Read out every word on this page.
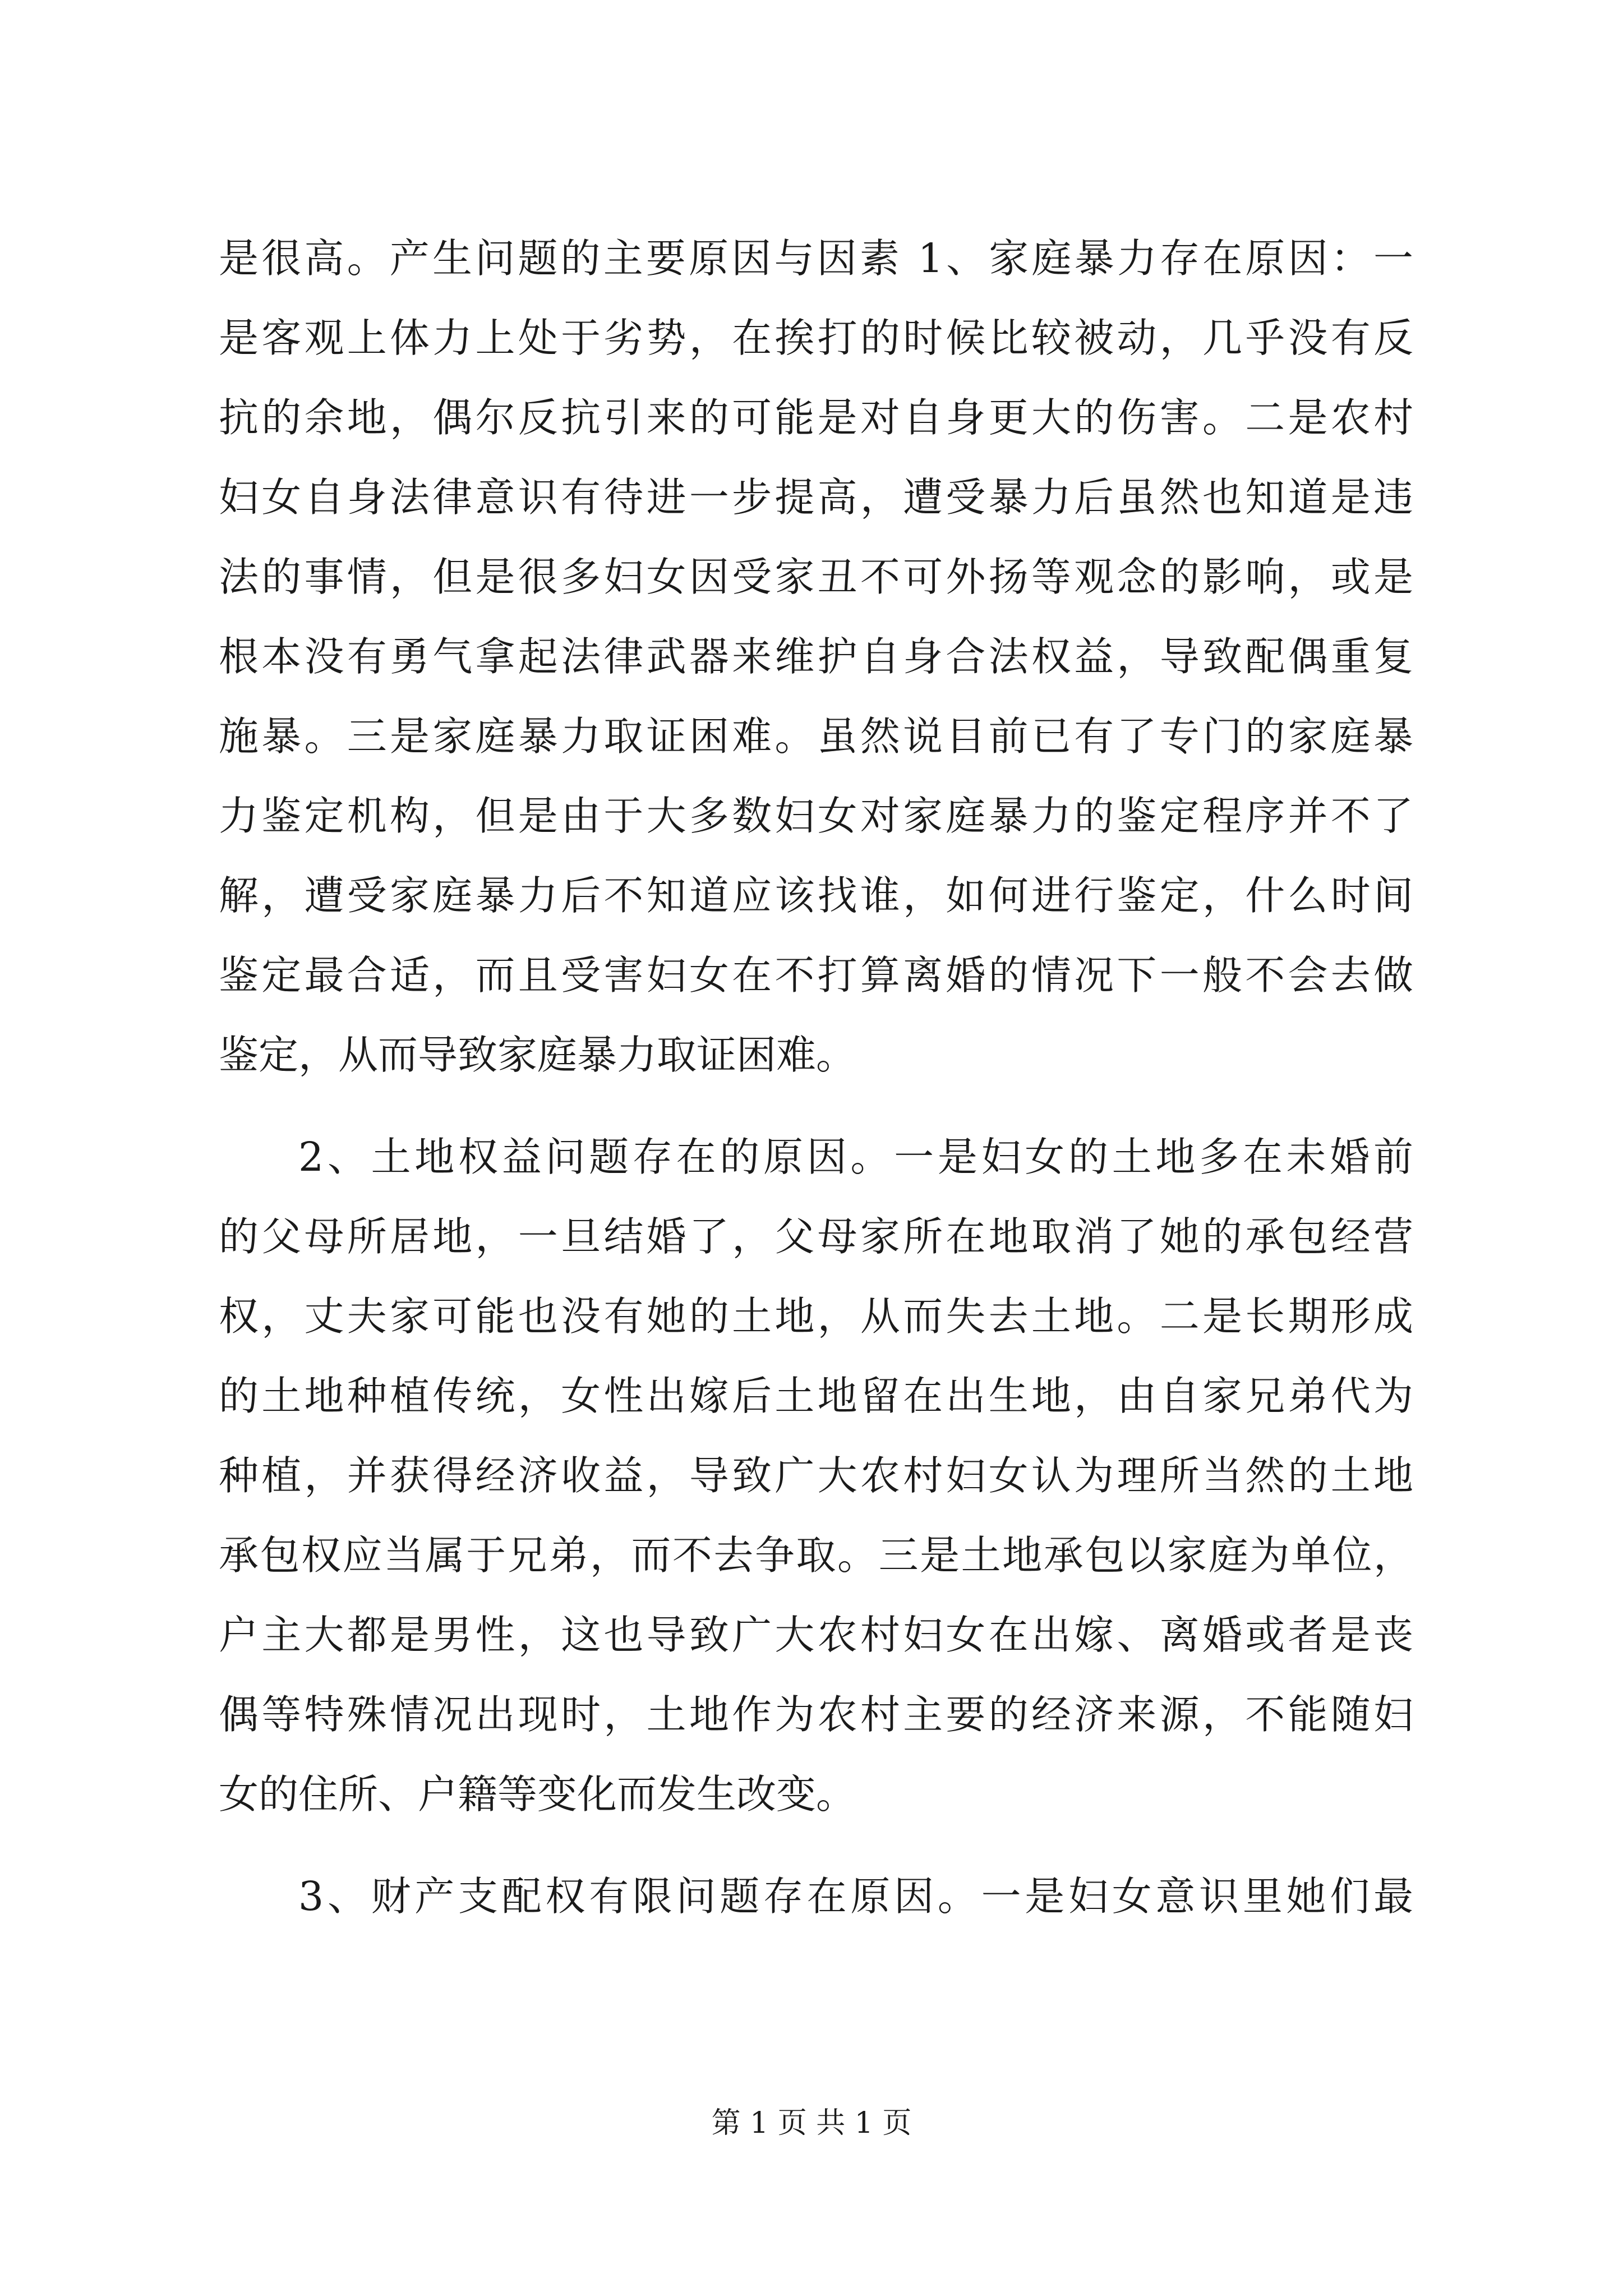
是很高。产生问题的主要原因与因素 1、家庭暴力存在原因：一
是客观上体力上处于劣势，在挨打的时候比较被动，几乎没有反
抗的余地，偶尔反抗引来的可能是对自身更大的伤害。二是农村
妇女自身法律意识有待进一步提高，遭受暴力后虽然也知道是违
法的事情，但是很多妇女因受家丑不可外扬等观念的影响，或是
根本没有勇气拿起法律武器来维护自身合法权益，导致配偶重复
施暴。三是家庭暴力取证困难。虽然说目前已有了专门的家庭暴
力鉴定机构，但是由于大多数妇女对家庭暴力的鉴定程序并不了
解，遭受家庭暴力后不知道应该找谁，如何进行鉴定，什么时间
鉴定最合适，而且受害妇女在不打算离婚的情况下一般不会去做
鉴定，从而导致家庭暴力取证困难。
2、土地权益问题存在的原因。一是妇女的土地多在未婚前
的父母所居地，一旦结婚了，父母家所在地取消了她的承包经营
权，丈夫家可能也没有她的土地，从而失去土地。二是长期形成
的土地种植传统，女性出嫁后土地留在出生地，由自家兄弟代为
种植，并获得经济收益，导致广大农村妇女认为理所当然的土地
承包权应当属于兄弟，而不去争取。三是土地承包以家庭为单位，
户主大都是男性，这也导致广大农村妇女在出嫁、离婚或者是丧
偶等特殊情况出现时，土地作为农村主要的经济来源，不能随妇
女的住所、户籍等变化而发生改变。
3、财产支配权有限问题存在原因。一是妇女意识里她们最
第 1 页 共 1 页
